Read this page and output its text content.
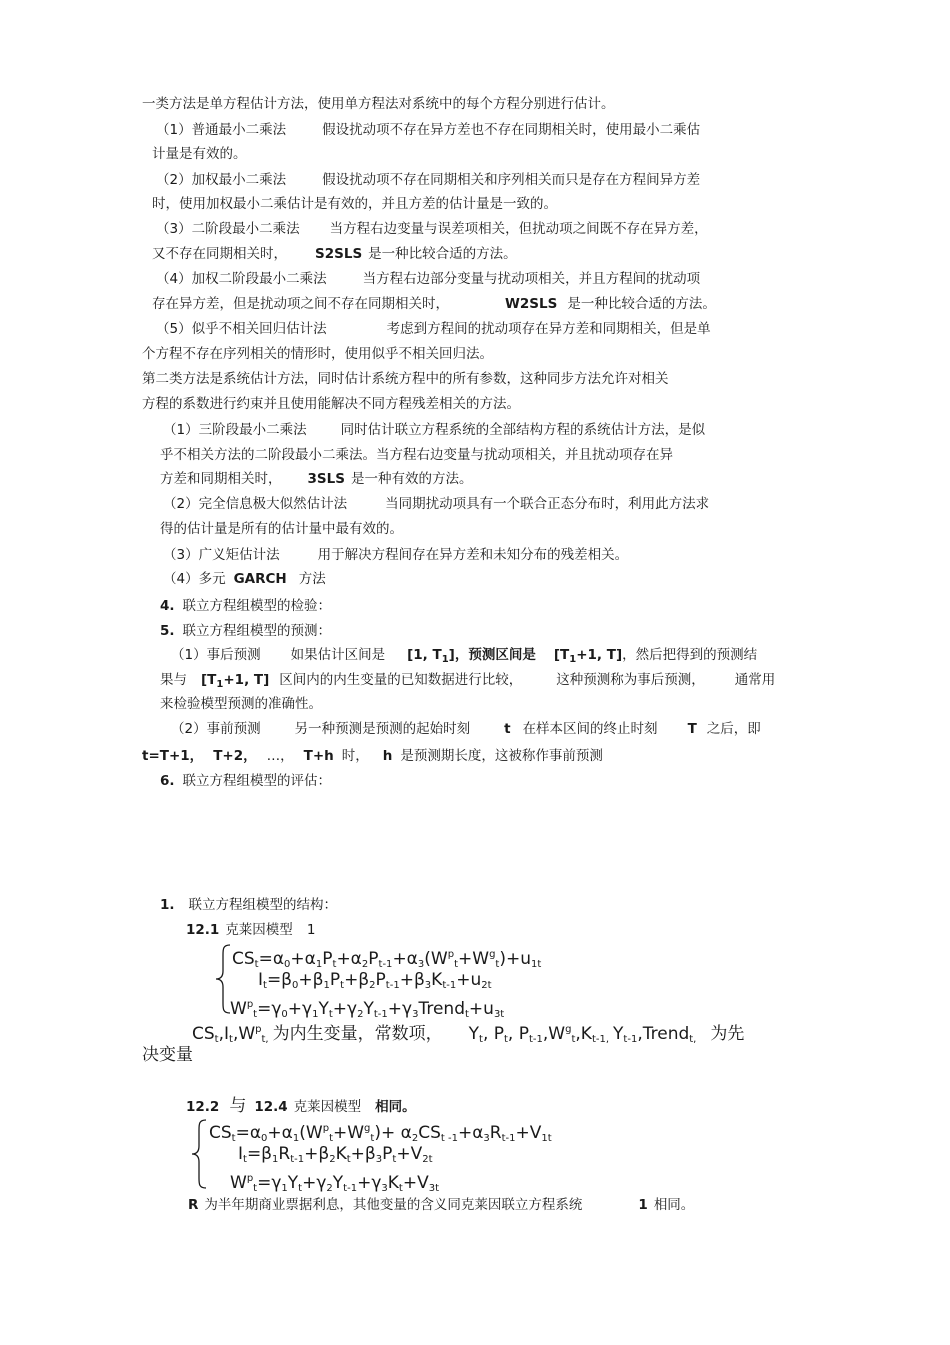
一类方法是单方程估计方法，使用单方程法对系统中的每个方程分别进行估计。
（1）普通最小二乘法	假设扰动项不存在异方差也不存在同期相关时，使用最小二乘估
计量是有效的。
（2）加权最小二乘法	假设扰动项不存在同期相关和序列相关而只是存在方程间异方差
时，使用加权最小二乘估计是有效的，并且方差的估计量是一致的。
（3）二阶段最小二乘法 当方程右边变量与误差项相关，但扰动项之间既不存在异方差，
又不存在同期相关时， S2SLS 是一种比较合适的方法。
（4）加权二阶段最小二乘法	当方程右边部分变量与扰动项相关，并且方程间的扰动项
存在异方差，但是扰动项之间不存在同期相关时，	W2SLS 是一种比较合适的方法。
（5）似乎不相关回归估计法	考虑到方程间的扰动项存在异方差和同期相关，但是单
个方程不存在序列相关的情形时，使用似乎不相关回归法。
第二类方法是系统估计方法，同时估计系统方程中的所有参数，这种同步方法允许对相关
方程的系数进行约束并且使用能解决不同方程残差相关的方法。
（1）三阶段最小二乘法	同时估计联立方程系统的全部结构方程的系统估计方法，是似
乎不相关方法的二阶段最小二乘法。当方程右边变量与扰动项相关，并且扰动项存在异
方差和同期相关时， 3SLS 是一种有效的方法。
（2）完全信息极大似然估计法	当同期扰动项具有一个联合正态分布时，利用此方法求
得的估计量是所有的估计量中最有效的。
（3）广义矩估计法	用于解决方程间存在异方差和未知分布的残差相关。
（4）多元 GARCH 方法
4. 联立方程组模型的检验：
5. 联立方程组模型的预测：
（1）事后预测 如果估计区间是 [1, $T_1$]，预测区间是 [$T_1+1$, T]，然后把得到的预测结
果与 [$T_1+1$, T] 区间内的内生变量的已知数据进行比较，	这种预测称为事后预测， 通常用
来检验模型预测的准确性。
（2）事前预测	另一种预测是预测的起始时刻	t 在样本区间的终止时刻 T 之后，即
t=T+1， T+2， …， T+h 时， h 是预测期长度，这被称作事前预测
6. 联立方程组模型的评估：
1. 联立方程组模型的结构：
12.1 克莱因模型 1
$CS_t=\alpha_0+\alpha_1P_t+\alpha_2P_{t-1}+\alpha_3(W^p_t+W^g_t)+u_{1t}$
$I_t=\beta_0+\beta_1P_t+\beta_2P_{t-1}+\beta_3K_{t-1}+u_{2t}$
$W^p_t=\gamma_0+\gamma_1Y_t+\gamma_2Y_{t-1}+\gamma_3Trend_t+u_{3t}$
$CS_t,I_t,W^p_{t,}$ 为内生变量，常数项， $Y_t$, $P_t$, $P_{t-1},W^g_t,K_{t-1,}$ $Y_{t-1},Trend_{t,}$ 为先
决变量
12.2 与 12.4 克莱因模型 相同。
$CS_t=\alpha_0+\alpha_1(W^p_t+W^g_t)+ \alpha_2CS_{t -1}+\alpha_3R_{t-1}+V_{1t}$
$I_t=\beta_1R_{t-1}+\beta_2K_t+\beta_3P_t+V_{2t}$
$W^p_t=\gamma_1Y_t+\gamma_2Y_{t-1}+\gamma_3K_t+V_{3t}$
R 为半年期商业票据利息，其他变量的含义同克莱因联立方程系统	1 相同。
